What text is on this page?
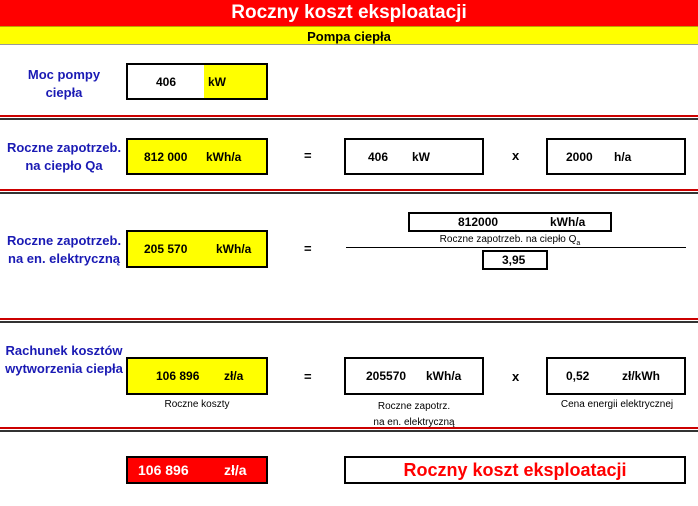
Roczny koszt eksploatacji
Pompa ciepła
Moc pompy
ciepła
406	kW
Roczne zapotrzeb.
na ciepło Qa
812 000 kWh/a	=	406 kW	x	2000 h/a
Roczne zapotrzeb.
na en. elektryczną
205 570 kWh/a	=
812000	kWh/a
Roczne zapotrzeb. na ciepło $Q_a$
3,95
Rachunek kosztów
wytworzenia ciepła	106 896 zł/a
Roczne koszty
=	205570 kWh/a
Roczne zapotrz.
na en. elektryczną
x	0,52	zł/kWh
Cena energii elektrycznej
106 896	zł/a	Roczny koszt eksploatacji
